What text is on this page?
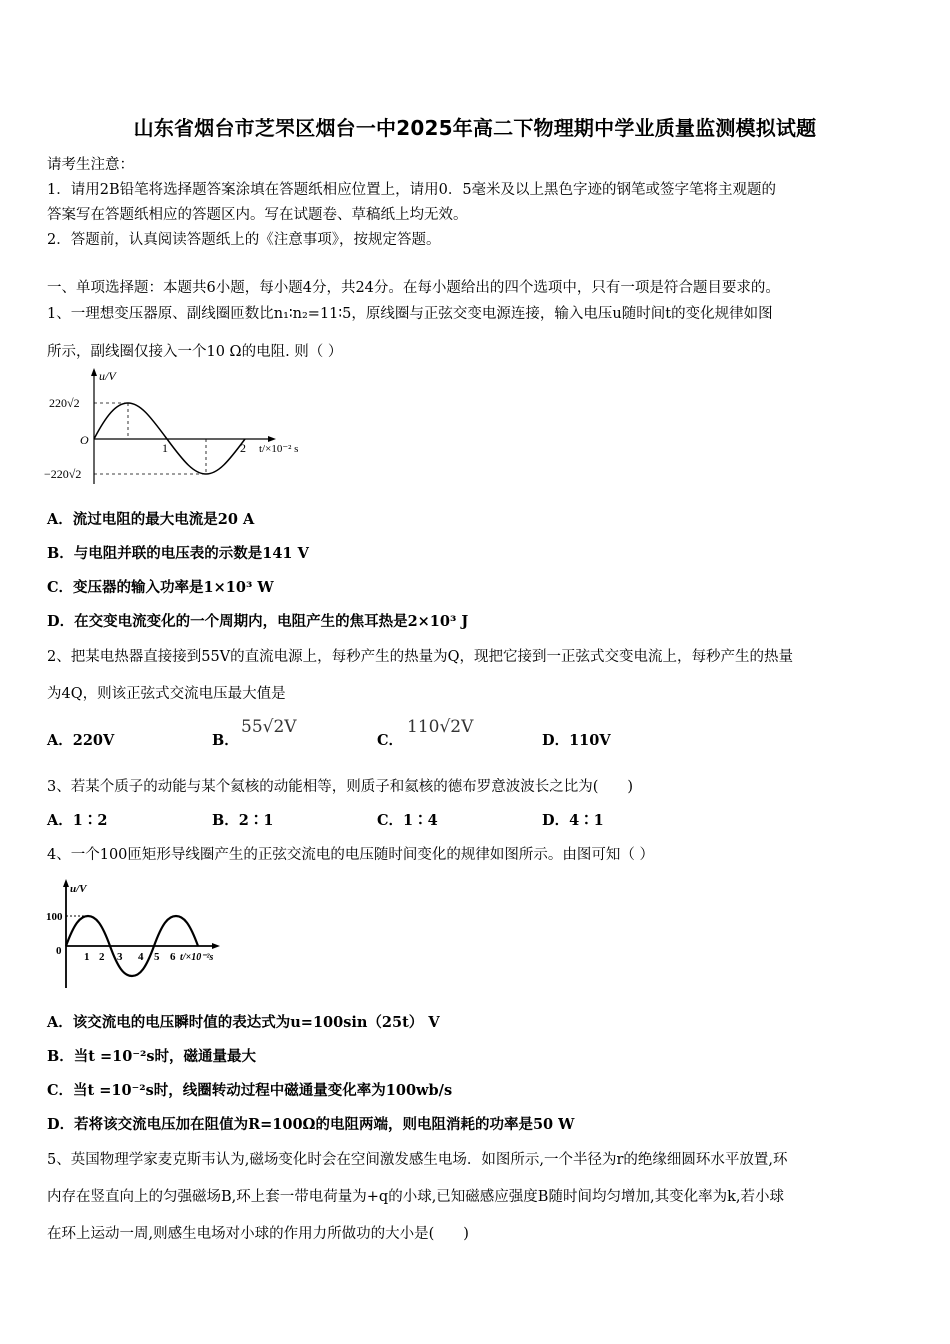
山东省烟台市芝罘区烟台一中2025年高二下物理期中学业质量监测模拟试题
请考生注意：
1．请用2B铅笔将选择题答案涂填在答题纸相应位置上，请用0．5毫米及以上黑色字迹的钢笔或签字笔将主观题的
答案写在答题纸相应的答题区内。写在试题卷、草稿纸上均无效。
2．答题前，认真阅读答题纸上的《注意事项》，按规定答题。
一、单项选择题：本题共6小题，每小题4分，共24分。在每小题给出的四个选项中，只有一项是符合题目要求的。
1、一理想变压器原、副线圈匝数比n₁∶n₂=11∶5，原线圈与正弦交变电源连接，输入电压u随时间t的变化规律如图
所示，副线圈仅接入一个10 Ω的电阻. 则（ ）
u/V
220√2
−220√2
O
1	2 t/×10⁻² s
A．流过电阻的最大电流是20 A
B．与电阻并联的电压表的示数是141 V
C．变压器的输入功率是1×10³ W
D．在交变电流变化的一个周期内，电阻产生的焦耳热是2×10³ J
2、把某电热器直接接到55V的直流电源上，每秒产生的热量为Q，现把它接到一正弦式交变电流上，每秒产生的热量
为4Q，则该正弦式交流电压最大值是
A．220V	B．
55√2V
C．
110√2V
D．110V
3、若某个质子的动能与某个氦核的动能相等，则质子和氦核的德布罗意波波长之比为(　　)
A．1∶2	B．2∶1	C．1∶4	D．4∶1
4、一个100匝矩形导线圈产生的正弦交流电的电压随时间变化的规律如图所示。由图可知（ ）
u/V
100
0 1 2 3 4 5 6 t/×10⁻²s
A．该交流电的电压瞬时值的表达式为u=100sin（25t） V
B．当t =10⁻²s时，磁通量最大
C．当t =10⁻²s时，线圈转动过程中磁通量变化率为100wb/s
D．若将该交流电压加在阻值为R=100Ω的电阻两端，则电阻消耗的功率是50 W
5、英国物理学家麦克斯韦认为,磁场变化时会在空间激发感生电场．如图所示,一个半径为r的绝缘细圆环水平放置,环
内存在竖直向上的匀强磁场B,环上套一带电荷量为+q的小球,已知磁感应强度B随时间均匀增加,其变化率为k,若小球
在环上运动一周,则感生电场对小球的作用力所做功的大小是(　　)
